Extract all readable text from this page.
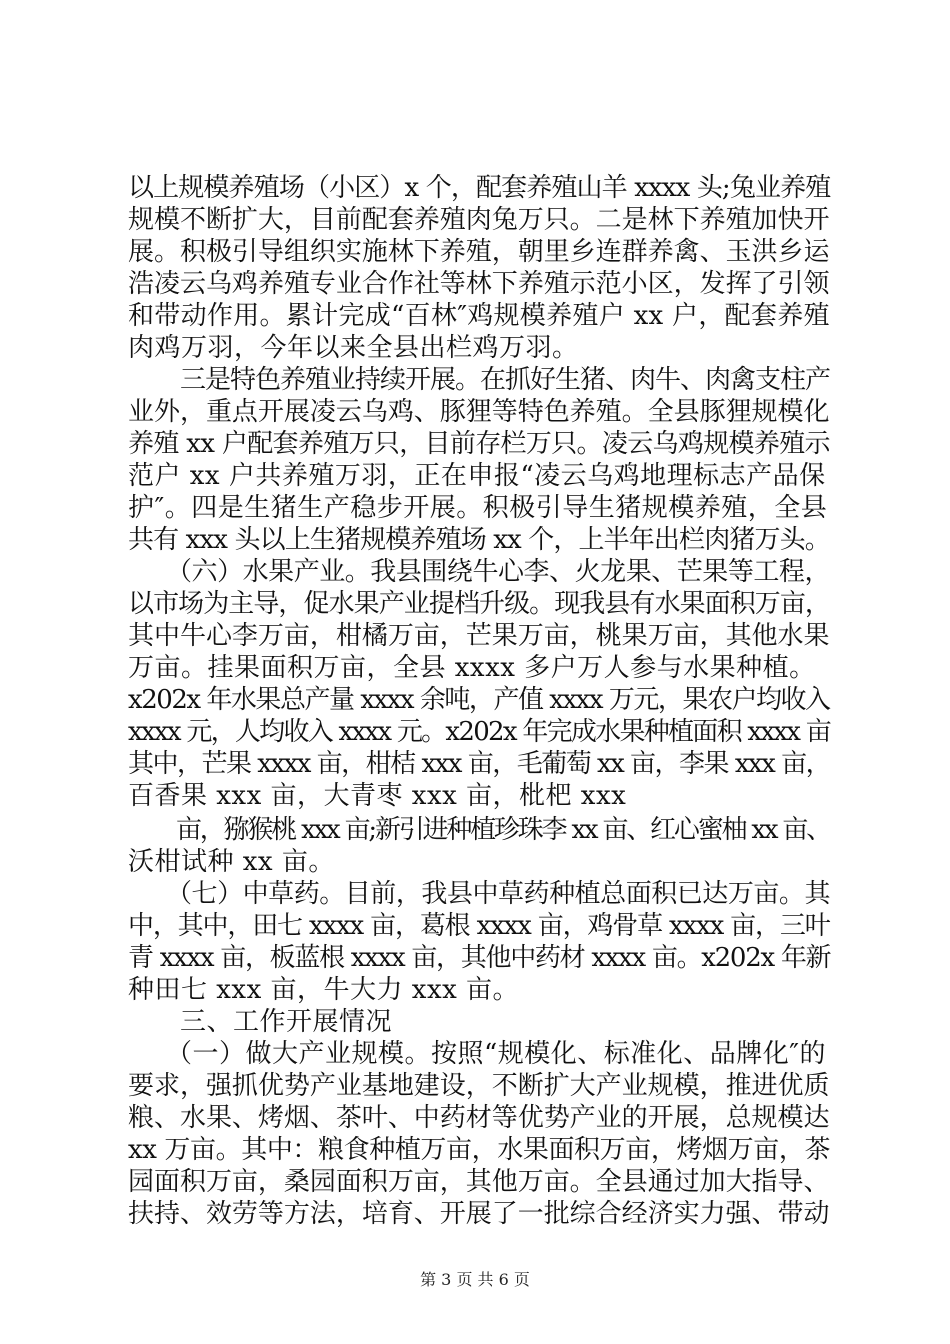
以上规模养殖场（小区）x 个，配套养殖山羊 xxxx 头;兔业养殖
规模不断扩大，目前配套养殖肉兔万只。二是林下养殖加快开
展。积极引导组织实施林下养殖，朝里乡连群养禽、玉洪乡运
浩凌云乌鸡养殖专业合作社等林下养殖示范小区，发挥了引领
和带动作用。累计完成“百林″鸡规模养殖户 xx 户，配套养殖
肉鸡万羽，今年以来全县出栏鸡万羽。
三是特色养殖业持续开展。在抓好生猪、肉牛、肉禽支柱产
业外，重点开展凌云乌鸡、豚狸等特色养殖。全县豚狸规模化
养殖 xx 户配套养殖万只，目前存栏万只。凌云乌鸡规模养殖示
范户 xx 户共养殖万羽，正在申报“凌云乌鸡地理标志产品保
护″。四是生猪生产稳步开展。积极引导生猪规模养殖，全县
共有 xxx 头以上生猪规模养殖场 xx 个，上半年出栏肉猪万头。
（六）水果产业。我县围绕牛心李、火龙果、芒果等工程，
以市场为主导，促水果产业提档升级。现我县有水果面积万亩，
其中牛心李万亩，柑橘万亩，芒果万亩，桃果万亩，其他水果
万亩。挂果面积万亩，全县 xxxx 多户万人参与水果种植。
x202x 年水果总产量 xxxx 余吨，产值 xxxx 万元，果农户均收入
xxxx 元，人均收入 xxxx 元。x202x 年完成水果种植面积 xxxx 亩
其中，芒果 xxxx 亩，柑桔 xxx 亩，毛葡萄 xx 亩，李果 xxx 亩，
百香果 xxx 亩，大青枣 xxx 亩，枇杷 xxx
亩，猕猴桃 xxx 亩;新引进种植珍珠李 xx 亩、红心蜜柚 xx 亩、
沃柑试种 xx 亩。
（七）中草药。目前，我县中草药种植总面积已达万亩。其
中，其中，田七 xxxx 亩，葛根 xxxx 亩，鸡骨草 xxxx 亩，三叶
青 xxxx 亩，板蓝根 xxxx 亩，其他中药材 xxxx 亩。x202x 年新
种田七 xxx 亩，牛大力 xxx 亩。
三、工作开展情况
（一）做大产业规模。按照“规模化、标准化、品牌化″的
要求，强抓优势产业基地建设，不断扩大产业规模，推进优质
粮、水果、烤烟、茶叶、中药材等优势产业的开展，总规模达
xx 万亩。其中：粮食种植万亩，水果面积万亩，烤烟万亩，茶
园面积万亩，桑园面积万亩，其他万亩。全县通过加大指导、
扶持、效劳等方法，培育、开展了一批综合经济实力强、带动
第 3 页 共 6 页
